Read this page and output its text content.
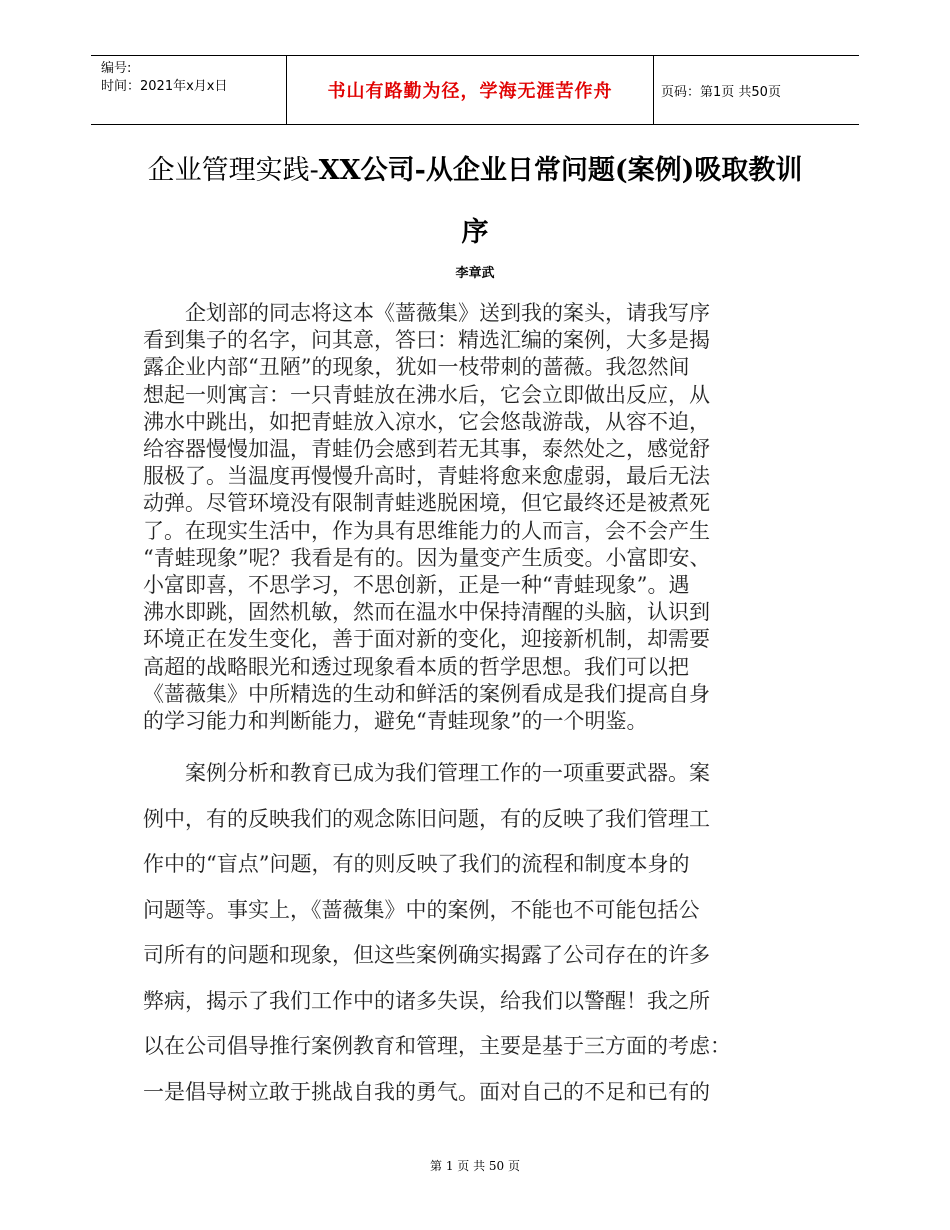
编号:
时间：2021年x月x日	书山有路勤为径，学海无涯苦作舟	页码：第1页 共50页
企业管理实践-XX公司-从企业日常问题(案例)吸取教训
序
李章武
　　企划部的同志将这本《蔷薇集》送到我的案头，请我写序
看到集子的名字，问其意，答曰：精选汇编的案例，大多是揭
露企业内部“丑陋”的现象，犹如一枝带刺的蔷薇。我忽然间
想起一则寓言：一只青蛙放在沸水后，它会立即做出反应，从
沸水中跳出，如把青蛙放入凉水，它会悠哉游哉，从容不迫，
给容器慢慢加温，青蛙仍会感到若无其事，泰然处之，感觉舒
服极了。当温度再慢慢升高时，青蛙将愈来愈虚弱，最后无法
动弹。尽管环境没有限制青蛙逃脱困境，但它最终还是被煮死
了。在现实生活中，作为具有思维能力的人而言，会不会产生
“青蛙现象”呢？我看是有的。因为量变产生质变。小富即安、
小富即喜，不思学习，不思创新，正是一种“青蛙现象”。遇
沸水即跳，固然机敏，然而在温水中保持清醒的头脑，认识到
环境正在发生变化，善于面对新的变化，迎接新机制，却需要
高超的战略眼光和透过现象看本质的哲学思想。我们可以把
《蔷薇集》中所精选的生动和鲜活的案例看成是我们提高自身
的学习能力和判断能力，避免“青蛙现象”的一个明鉴。
　　案例分析和教育已成为我们管理工作的一项重要武器。案
例中，有的反映我们的观念陈旧问题，有的反映了我们管理工
作中的“盲点”问题，有的则反映了我们的流程和制度本身的
问题等。事实上，《蔷薇集》中的案例，不能也不可能包括公
司所有的问题和现象，但这些案例确实揭露了公司存在的许多
弊病，揭示了我们工作中的诸多失误，给我们以警醒！我之所
以在公司倡导推行案例教育和管理，主要是基于三方面的考虑：
一是倡导树立敢于挑战自我的勇气。面对自己的不足和已有的
第 1 页 共 50 页
